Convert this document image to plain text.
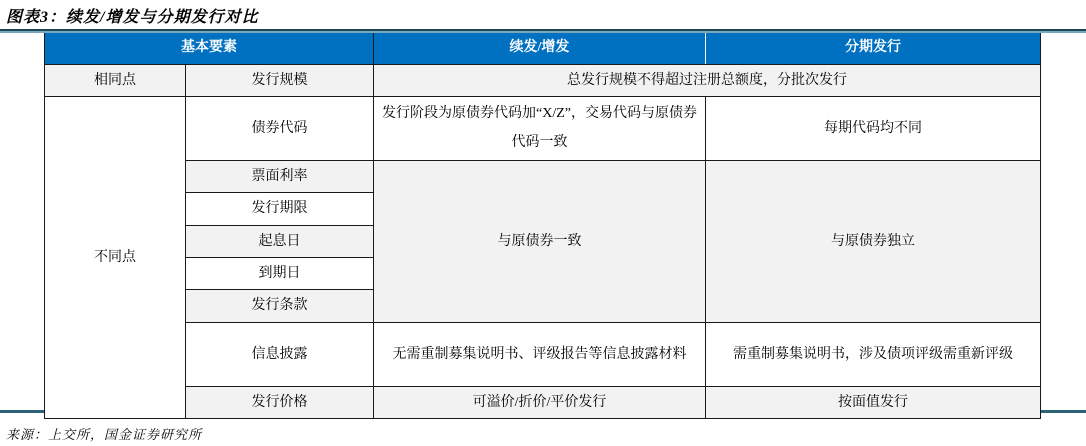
图表3：续发/增发与分期发行对比
基本要素		续发/增发	分期发行
相同点	发行规模	总发行规模不得超过注册总额度，分批次发行	
不同点	债券代码	发行阶段为原债券代码加“X/Z”，交易代码与原债券代码一致	每期代码均不同
	票面利率	与原债券一致	与原债券独立
	发行期限		
	起息日		
	到期日		
	发行条款		
	信息披露	无需重制募集说明书、评级报告等信息披露材料	需重制募集说明书，涉及债项评级需重新评级
	发行价格	可溢价/折价/平价发行	按面值发行
来源：上交所，国金证券研究所
